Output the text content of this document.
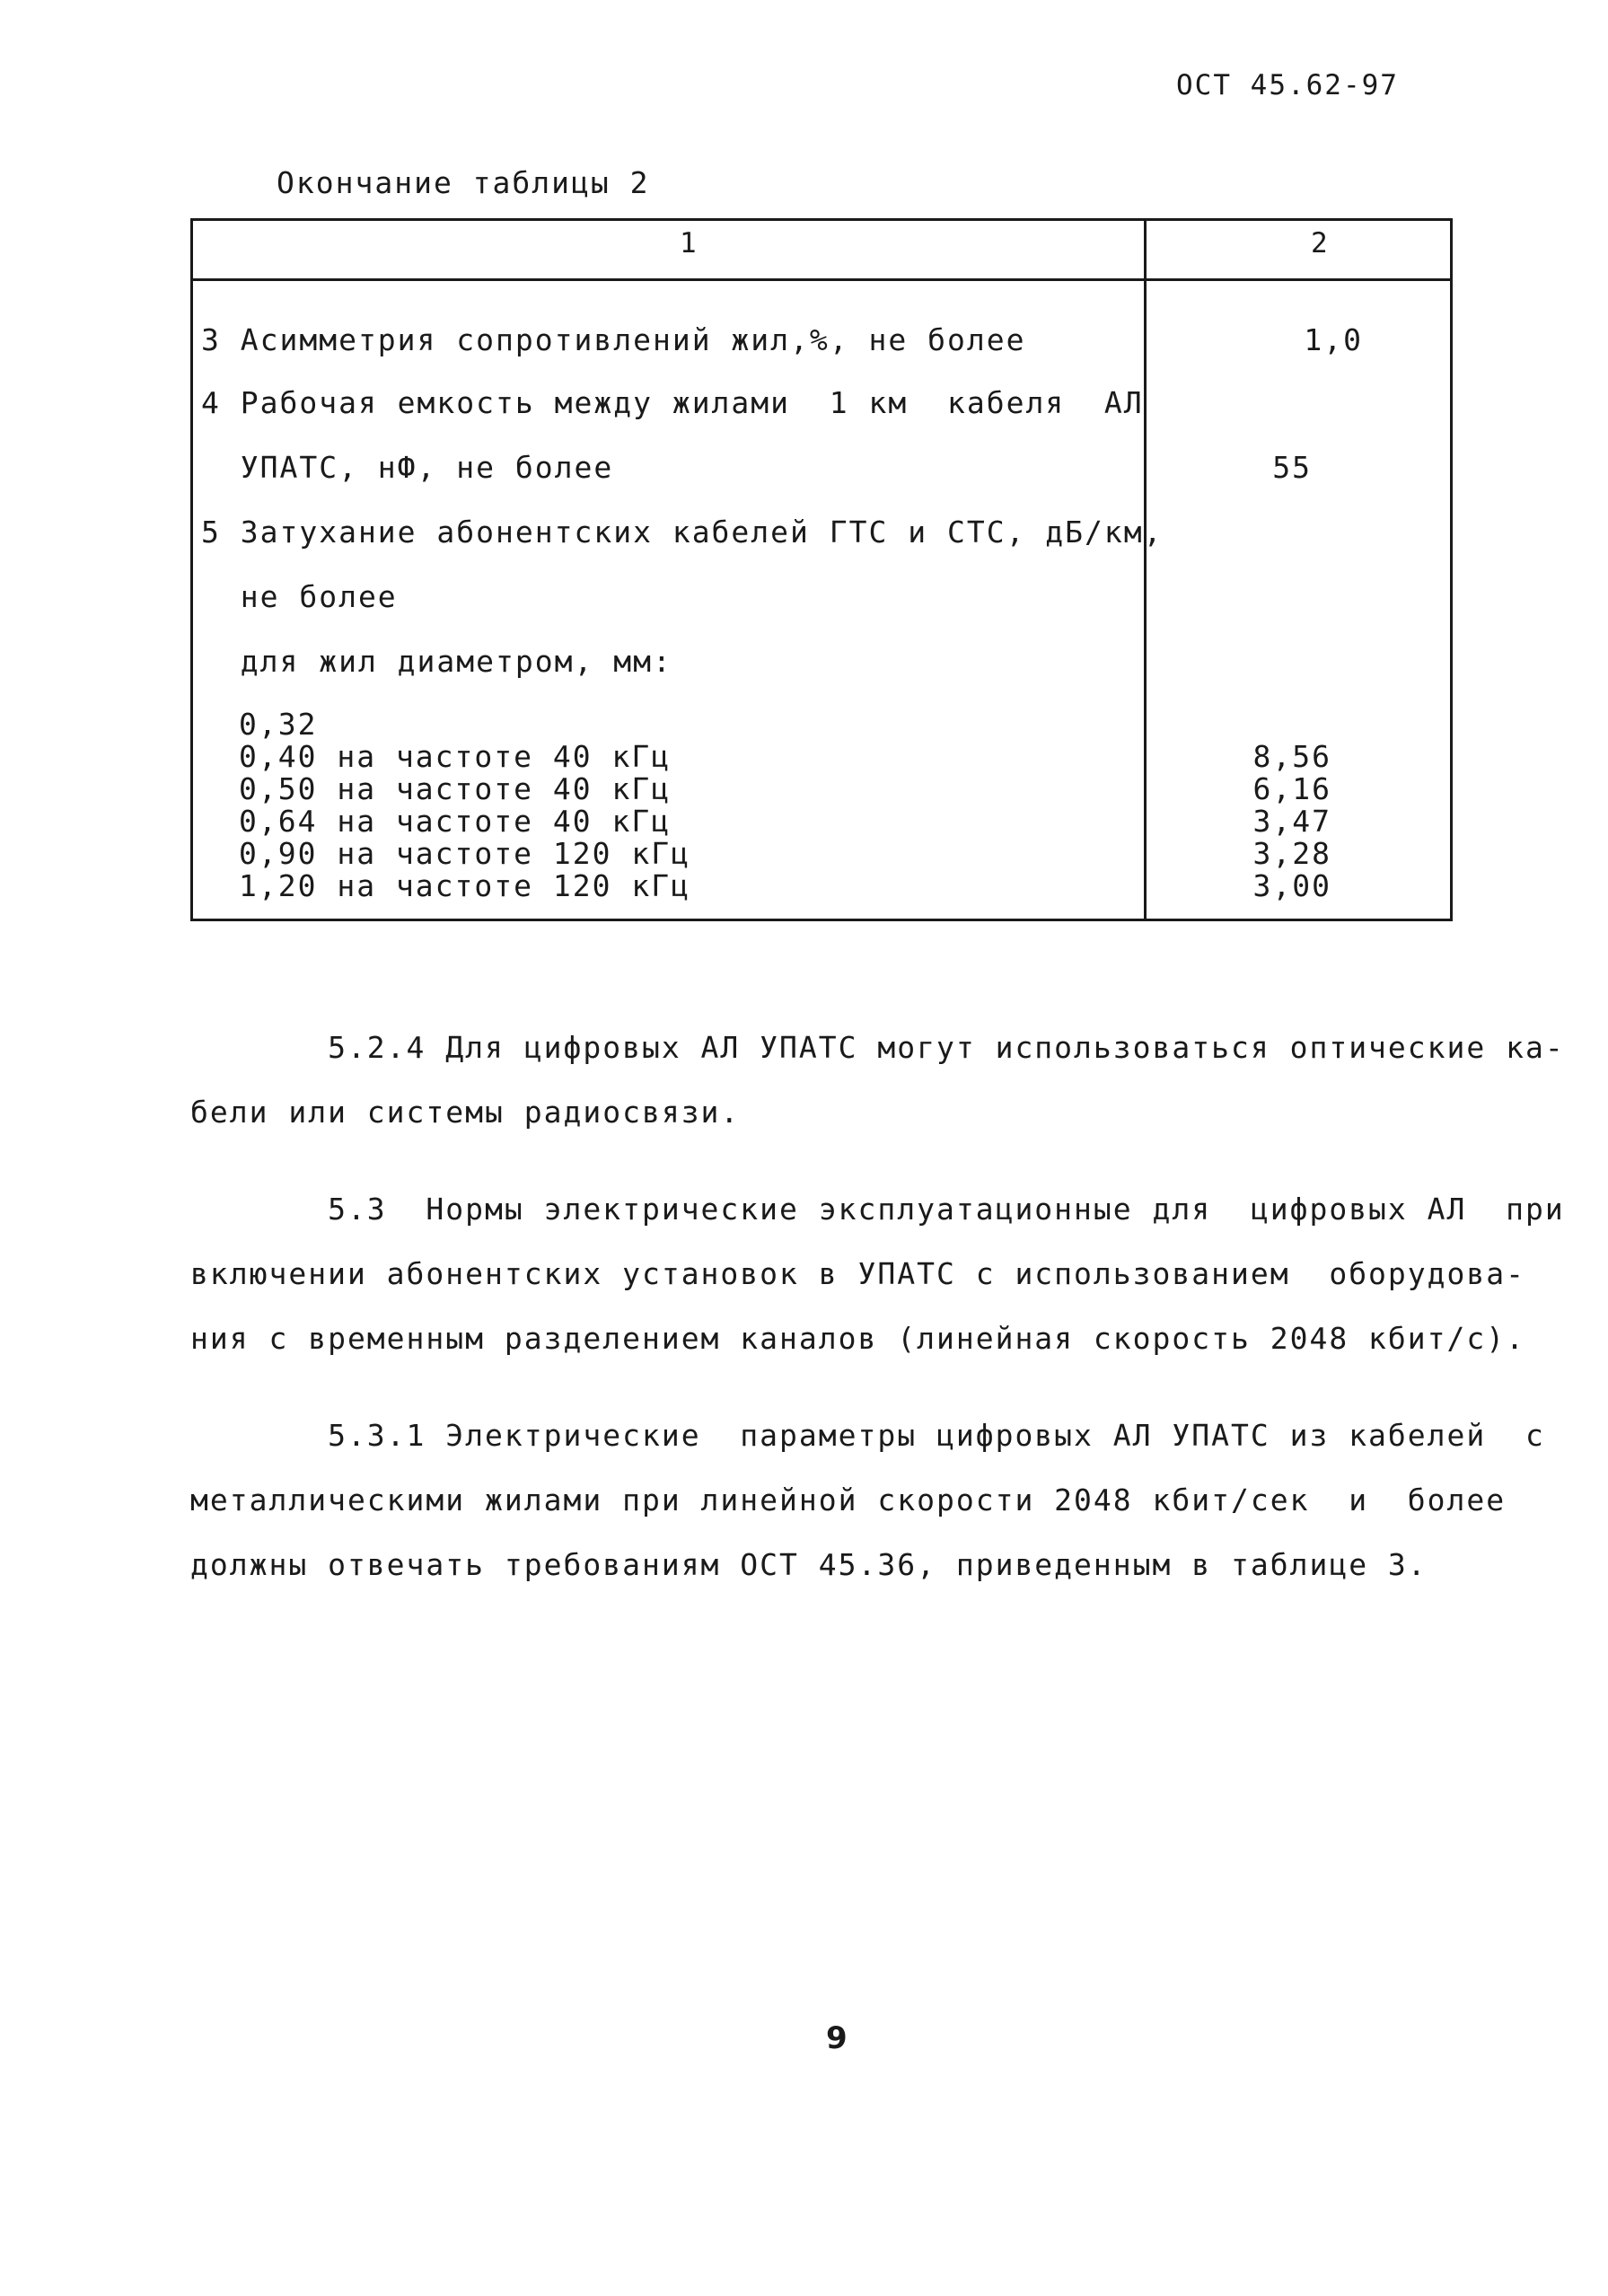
ОСТ 45.62-97
Окончание таблицы 2
1	2
3 Асимметрия сопротивлений жил,%, не более	1,0
4 Рабочая емкость между жилами  1 км  кабеля  АЛ
УПАТС, нФ, не более	55
5 Затухание абонентских кабелей ГТС и СТС, дБ/км,
не более
для жил диаметром, мм:
0,32
0,40 на частоте 40 кГц	8,56
0,50 на частоте 40 кГц	6,16
0,64 на частоте 40 кГц	3,47
0,90 на частоте 120 кГц	3,28
1,20 на частоте 120 кГц	3,00
5.2.4 Для цифровых АЛ УПАТС могут использоваться оптические ка-
бели или системы радиосвязи.
5.3  Нормы электрические эксплуатационные для  цифровых АЛ  при
включении абонентских установок в УПАТС с использованием  оборудова-
ния с временным разделением каналов (линейная скорость 2048 кбит/с).
5.3.1 Электрические  параметры цифровых АЛ УПАТС из кабелей  с
металлическими жилами при линейной скорости 2048 кбит/сек  и  более
должны отвечать требованиям ОСТ 45.36, приведенным в таблице 3.
9
